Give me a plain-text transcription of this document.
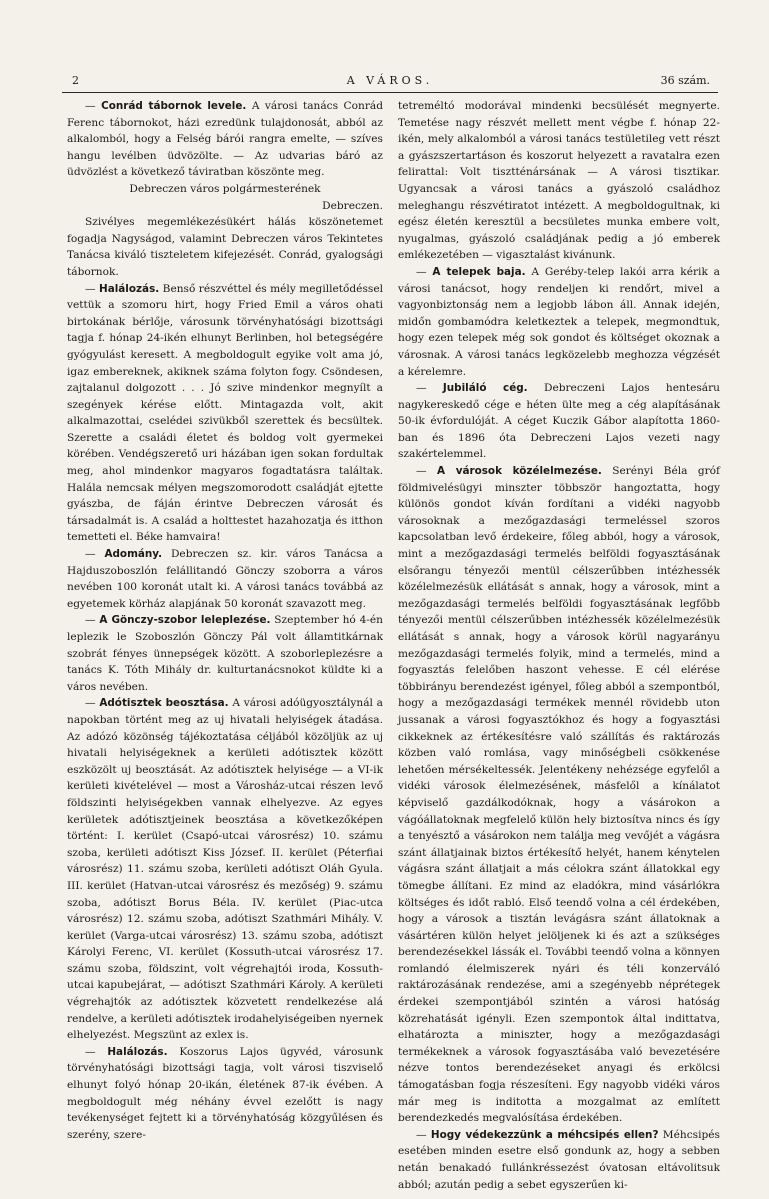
2	A VÁROS.	36 szám.

— Conrád tábornok levele. A városi tanács Conrád Ferenc tábornokot, házi ezredünk tulajdonosát, abból az alkalomból, hogy a Felség bárói rangra emelte, — szíves hangu levélben üdvözölte. — Az udvarias báró az üdvözlést a következő táviratban köszönte meg.

Debreczen város polgármesterének

Debreczen.

Szivélyes megemlékezésükért hálás köszönetemet fogadja Nagyságod, valamint Debreczen város Tekintetes Tanácsa kiváló tiszteletem kifejezését. Conrád, gyalogsági tábornok.

— Halálozás. Benső részvéttel és mély megilletődéssel vettük a szomoru hirt, hogy Fried Emil a város ohati birtokának bérlője, városunk törvényhatósági bizottsági tagja f. hónap 24-ikén elhunyt Berlinben, hol betegségére gyógyulást keresett. A megboldogult egyike volt ama jó, igaz embereknek, akiknek száma folyton fogy. Csöndesen, zajtalanul dolgozott . . . Jó szive mindenkor megnyílt a szegények kérése előtt. Mintagazda volt, akit alkalmazottai, cselédei szivükből szerettek és becsültek. Szerette a családi életet és boldog volt gyermekei körében. Vendégszerető uri házában igen sokan fordultak meg, ahol mindenkor magyaros fogadtatásra találtak. Halála nemcsak mélyen megszomorodott családját ejtette gyászba, de fáján érintve Debreczen városát és társadalmát is. A család a holttestet hazahozatja és itthon temetteti el. Béke hamvaira!

— Adomány. Debreczen sz. kir. város Tanácsa a Hajduszoboszlón felállitandó Gönczy szoborra a város nevében 100 koronát utalt ki. A városi tanács továbbá az egyetemek körház alapjának 50 koronát szavazott meg.

— A Gönczy-szobor leleplezése. Szeptember hó 4-én leplezik le Szoboszlón Gönczy Pál volt államtitkárnak szobrát fényes ünnepségek között. A szoborleplezésre a tanács K. Tóth Mihály dr. kulturtanácsnokot küldte ki a város nevében.

— Adótisztek beosztása. A városi adóügyosztálynál a napokban történt meg az uj hivatali helyiségek átadása. Az adózó közönség tájékoztatása céljából közöljük az uj hivatali helyiségeknek a kerületi adótisztek között eszközölt uj beosztását. Az adótisztek helyisége — a VI-ik kerületi kivételével — most a Városház-utcai részen levő földszinti helyiségekben vannak elhelyezve. Az egyes kerületek adótisztjeinek beosztása a következőképen történt: I. kerület (Csapó-utcai városrész) 10. számu szoba, kerületi adótiszt Kiss József. II. kerület (Péterfiai városrész) 11. számu szoba, kerületi adótiszt Oláh Gyula. III. kerület (Hatvan-utcai városrész és mezőség) 9. számu szoba, adótiszt Borus Béla. IV. kerület (Piac-utca városrész) 12. számu szoba, adótiszt Szathmári Mihály. V. kerület (Varga-utcai városrész) 13. számu szoba, adótiszt Károlyi Ferenc, VI. kerület (Kossuth-utcai városrész 17. számu szoba, földszint, volt végrehajtói iroda, Kossuth-utcai kapubejárat, — adótiszt Szathmári Károly. A kerületi végrehajtók az adótisztek közvetett rendelkezése alá rendelve, a kerületi adótisztek irodahelyiségeiben nyernek elhelyezést. Megszünt az exlex is.

— Halálozás. Koszorus Lajos ügyvéd, városunk törvényhatósági bizottsági tagja, volt városi tiszviselő elhunyt folyó hónap 20-ikán, életének 87-ik évében. A megboldogult még néhány évvel ezelőtt is nagy tevékenységet fejtett ki a törvényhatóság közgyűlésen és szerény, szere-

tetreméltó modorával mindenki becsülését megnyerte. Temetése nagy részvét mellett ment végbe f. hónap 22-ikén, mely alkalomból a városi tanács testületileg vett részt a gyászszertartáson és koszorut helyezett a ravatalra ezen felirattal: Volt tisztténársának — A városi tisztikar. Ugyancsak a városi tanács a gyászoló családhoz meleghangu részvétiratot intézett. A megboldogultnak, ki egész életén keresztül a becsületes munka embere volt, nyugalmas, gyászoló családjának pedig a jó emberek emlékezetében — vigasztalást kivánunk.

— A telepek baja. A Geréby-telep lakói arra kérik a városi tanácsot, hogy rendeljen ki rendőrt, mivel a vagyonbiztonság nem a legjobb lábon áll. Annak idején, midőn gombamódra keletkeztek a telepek, megmondtuk, hogy ezen telepek még sok gondot és költséget okoznak a városnak. A városi tanács legközelebb meghozza végzését a kérelemre.

— Jubiláló cég. Debreczeni Lajos hentesáru nagykereskedő cége e héten ülte meg a cég alapításának 50-ik évfordulóját. A céget Kuczik Gábor alapította 1860-ban és 1896 óta Debreczeni Lajos vezeti nagy szakértelemmel.

— A városok közélelmezése. Serényi Béla gróf földmivelésügyi minszter többször hangoztatta, hogy különös gondot kíván fordítani a vidéki nagyobb városoknak a mezőgazdasági termeléssel szoros kapcsolatban levő érdekeire, főleg abból, hogy a városok, mint a mezőgazdasági termelés belföldi fogyasztásának elsőrangu tényezői mentül célszerűbben intézhessék közélelmezésük ellátását s annak, hogy a városok, mint a mezőgazdasági termelés belföldi fogyasztásának legfőbb tényezői mentül célszerűbben intézhessék közélelmezésük ellátását s annak, hogy a városok körül nagyarányu mezőgazdasági termelés folyik, mind a termelés, mind a fogyasztás felelőben haszont vehesse. E cél elérése többirányu berendezést igényel, főleg abból a szempontból, hogy a mezőgazdasági termékek mennél rövidebb uton jussanak a városi fogyasztókhoz és hogy a fogyasztási cikkeknek az értékesítésre való szállítás és raktározás közben való romlása, vagy minőségbeli csökkenése lehetően mérsékeltessék. Jelentékeny nehézsége egyfelől a vidéki városok élelmezésének, másfelől a kínálatot képviselő gazdálkodóknak, hogy a vásárokon a vágóállatoknak megfelelő külön hely biztosítva nincs és így a tenyésztő a vásárokon nem találja meg vevőjét a vágásra szánt állatjainak biztos értékesítő helyét, hanem kénytelen vágásra szánt állatjait a más célokra szánt állatokkal egy tömegbe állítani. Ez mind az eladókra, mind vásárlókra költséges és időt rabló. Első teendő volna a cél érdekében, hogy a városok a tisztán levágásra szánt állatoknak a vásártéren külön helyet jelöljenek ki és azt a szükséges berendezésekkel lássák el. További teendő volna a könnyen romlandó élelmiszerek nyári és téli konzerváló raktározásának rendezése, ami a szegényebb néprétegek érdekei szempontjából szintén a városi hatóság közrehatását igényli. Ezen szempontok által indittatva, elhatározta a miniszter, hogy a mezőgazdasági termékeknek a városok fogyasztásába való bevezetésére nézve tontos berendezéseket anyagi és erkölcsi támogatásban fogja részesíteni. Egy nagyobb vidéki város már meg is inditotta a mozgalmat az említett berendezkedés megvalósítása érdekében.

— Hogy védekezzünk a méhcsipés ellen? Méhcsipés esetében minden esetre első gondunk az, hogy a sebben netán benakadó fullánkréssezést óvatosan eltávolitsuk abból; azután pedig a sebet egyszerűen ki-
